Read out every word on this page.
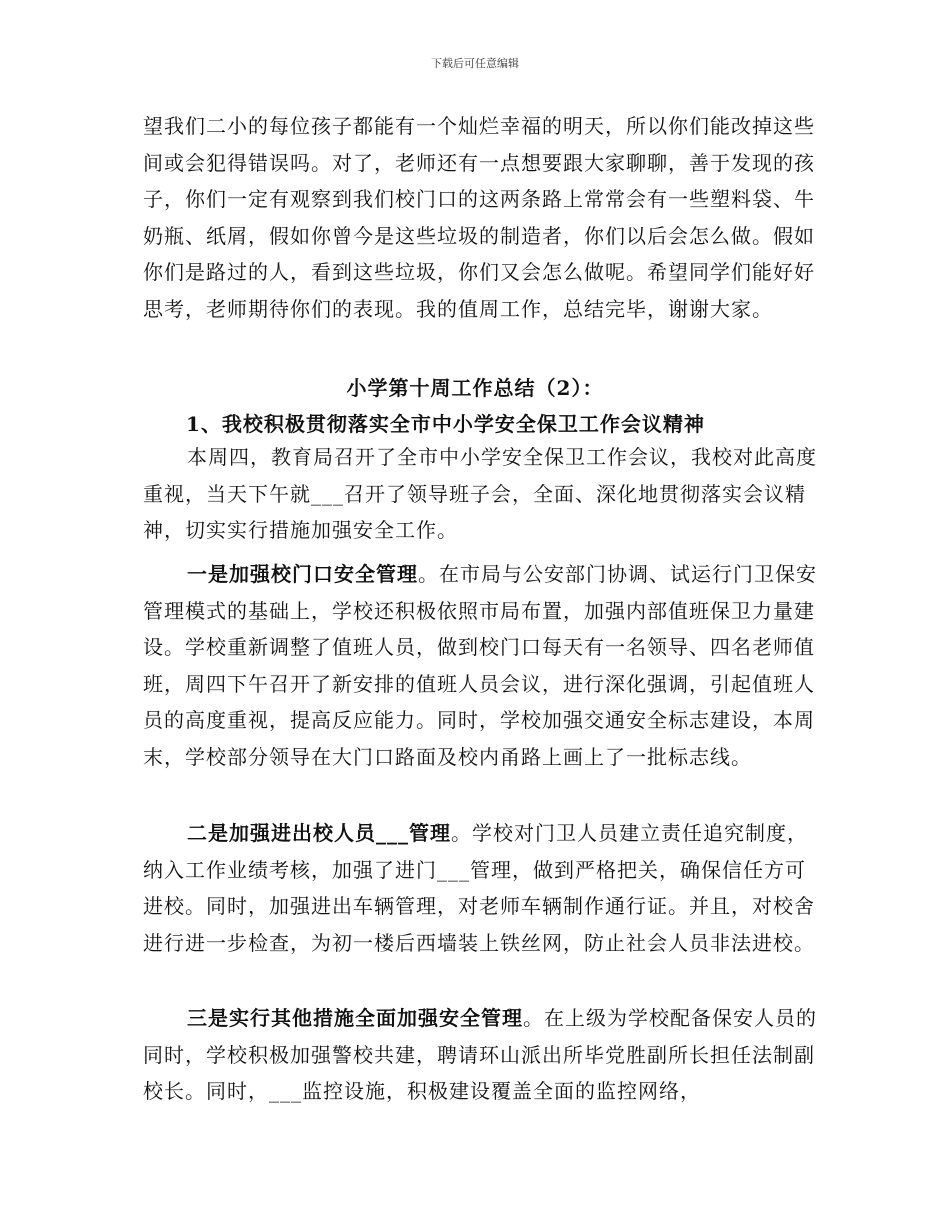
下载后可任意编辑
望我们二小的每位孩子都能有一个灿烂幸福的明天，所以你们能改掉这些间或会犯得错误吗。对了，老师还有一点想要跟大家聊聊，善于发现的孩子，你们一定有观察到我们校门口的这两条路上常常会有一些塑料袋、牛奶瓶、纸屑，假如你曾今是这些垃圾的制造者，你们以后会怎么做。假如你们是路过的人，看到这些垃圾，你们又会怎么做呢。希望同学们能好好思考，老师期待你们的表现。我的值周工作，总结完毕，谢谢大家。
小学第十周工作总结（2）：
1、我校积极贯彻落实全市中小学安全保卫工作会议精神
本周四，教育局召开了全市中小学安全保卫工作会议，我校对此高度重视，当天下午就___召开了领导班子会，全面、深化地贯彻落实会议精神，切实实行措施加强安全工作。
一是加强校门口安全管理。在市局与公安部门协调、试运行门卫保安管理模式的基础上，学校还积极依照市局布置，加强内部值班保卫力量建设。学校重新调整了值班人员，做到校门口每天有一名领导、四名老师值班，周四下午召开了新安排的值班人员会议，进行深化强调，引起值班人员的高度重视，提高反应能力。同时，学校加强交通安全标志建设，本周末，学校部分领导在大门口路面及校内甬路上画上了一批标志线。
二是加强进出校人员___管理。学校对门卫人员建立责任追究制度，纳入工作业绩考核，加强了进门___管理，做到严格把关，确保信任方可进校。同时，加强进出车辆管理，对老师车辆制作通行证。并且，对校舍进行进一步检查，为初一楼后西墙装上铁丝网，防止社会人员非法进校。
三是实行其他措施全面加强安全管理。在上级为学校配备保安人员的同时，学校积极加强警校共建，聘请环山派出所毕党胜副所长担任法制副校长。同时，___监控设施，积极建设覆盖全面的监控网络，
